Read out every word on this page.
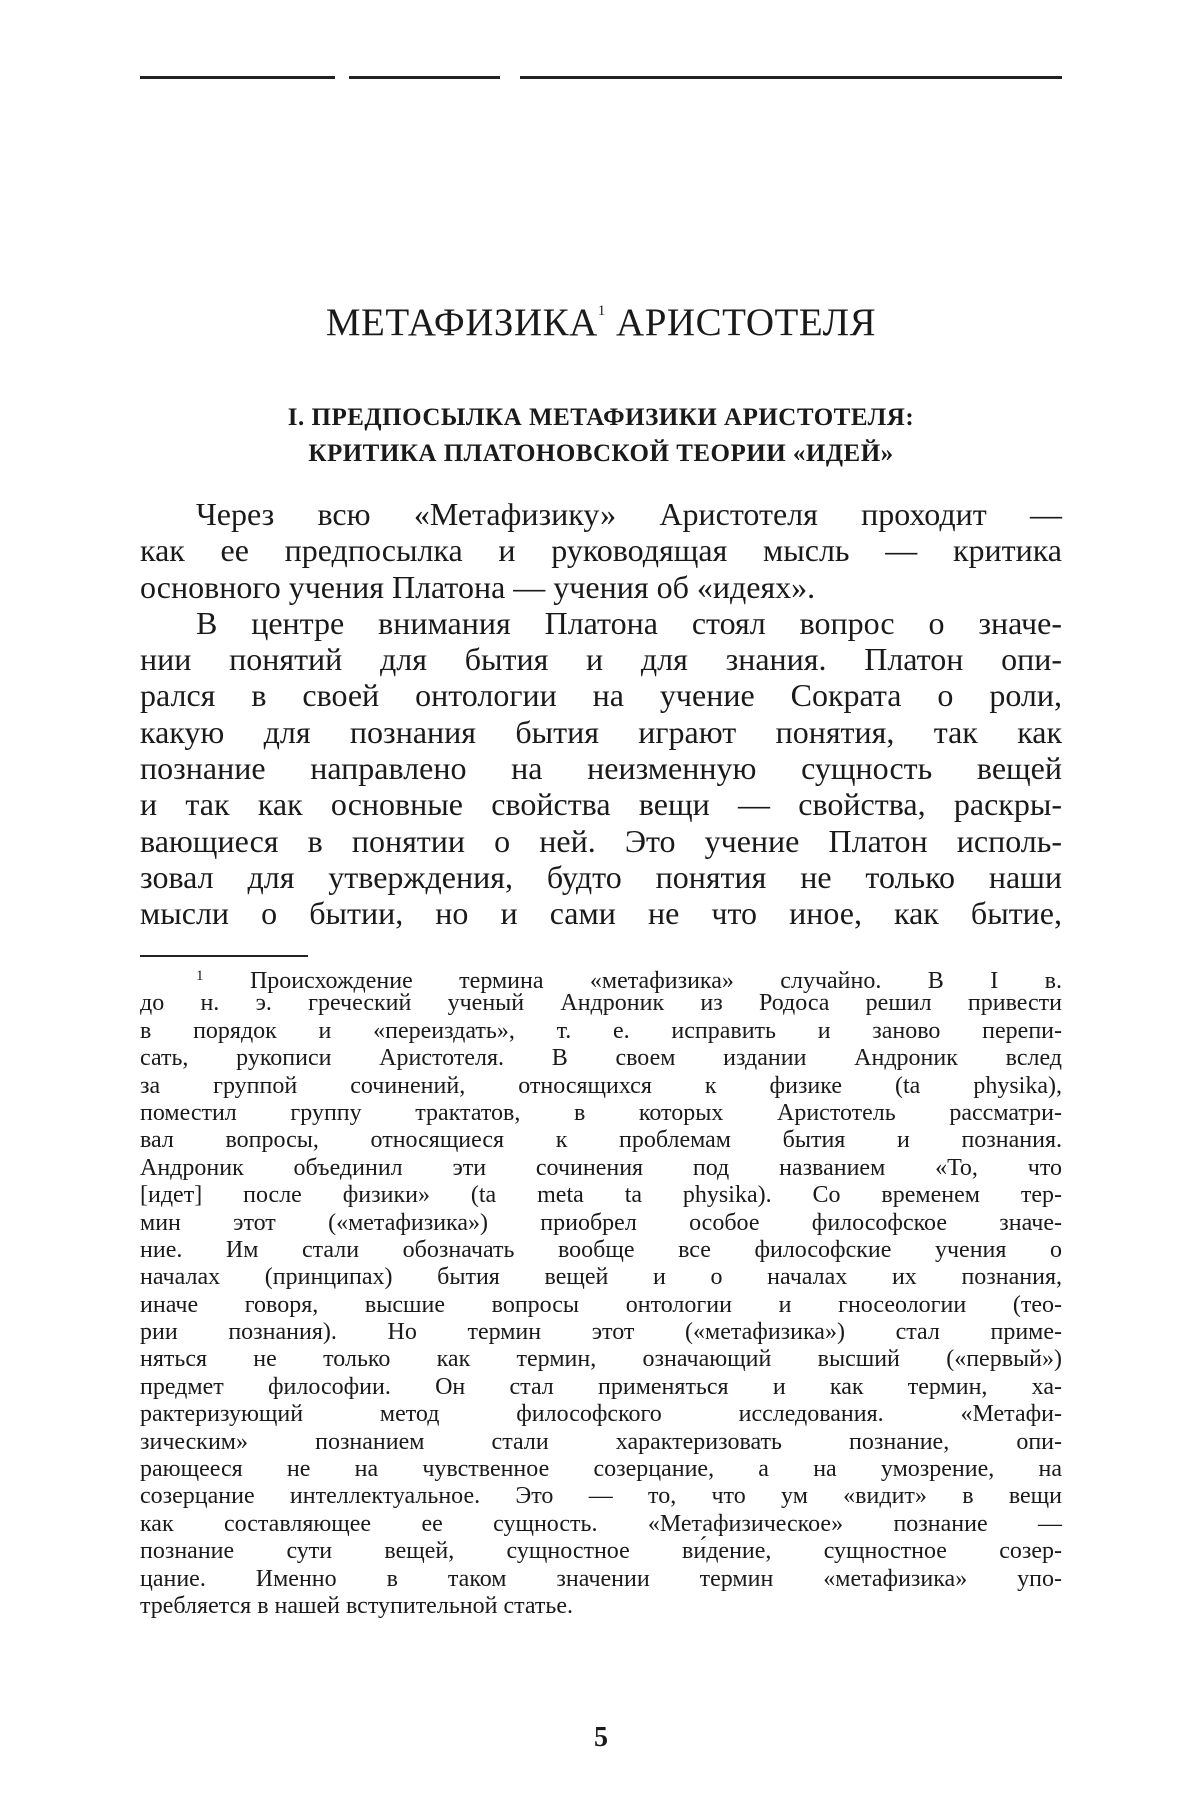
МЕТАФИЗИКА$^1$ АРИСТОТЕЛЯ
I. ПРЕДПОСЫЛКА МЕТАФИЗИКИ АРИСТОТЕЛЯ:
КРИТИКА ПЛАТОНОВСКОЙ ТЕОРИИ «ИДЕЙ»
Через всю «Метафизику» Аристотеля проходит —
как ее предпосылка и руководящая мысль — критика
основного учения Платона — учения об «идеях».
В центре внимания Платона стоял вопрос о значе-
нии понятий для бытия и для знания. Платон опи-
рался в своей онтологии на учение Сократа о роли,
какую для познания бытия играют понятия, так как
познание направлено на неизменную сущность вещей
и так как основные свойства вещи — свойства, раскры-
вающиеся в понятии о ней. Это учение Платон исполь-
зовал для утверждения, будто понятия не только наши
мысли о бытии, но и сами не что иное, как бытие,
$^1$ Происхождение термина «метафизика» случайно. В I в.
до н. э. греческий ученый Андроник из Родоса решил привести
в порядок и «переиздать», т. е. исправить и заново перепи-
сать, рукописи Аристотеля. В своем издании Андроник вслед
за группой сочинений, относящихся к физике (ta physika),
поместил группу трактатов, в которых Аристотель рассматри-
вал вопросы, относящиеся к проблемам бытия и познания.
Андроник объединил эти сочинения под названием «То, что
[идет] после физики» (ta meta ta physika). Со временем тер-
мин этот («метафизика») приобрел особое философское значе-
ние. Им стали обозначать вообще все философские учения о
началах (принципах) бытия вещей и о началах их познания,
иначе говоря, высшие вопросы онтологии и гносеологии (тео-
рии познания). Но термин этот («метафизика») стал приме-
няться не только как термин, означающий высший («первый»)
предмет философии. Он стал применяться и как термин, ха-
рактеризующий метод философского исследования. «Метафи-
зическим» познанием стали характеризовать познание, опи-
рающееся не на чувственное созерцание, а на умозрение, на
созерцание интеллектуальное. Это — то, что ум «видит» в вещи
как составляющее ее сущность. «Метафизическое» познание —
познание сути вещей, сущностное ви́дение, сущностное созер-
цание. Именно в таком значении термин «метафизика» упо-
требляется в нашей вступительной статье.
5
